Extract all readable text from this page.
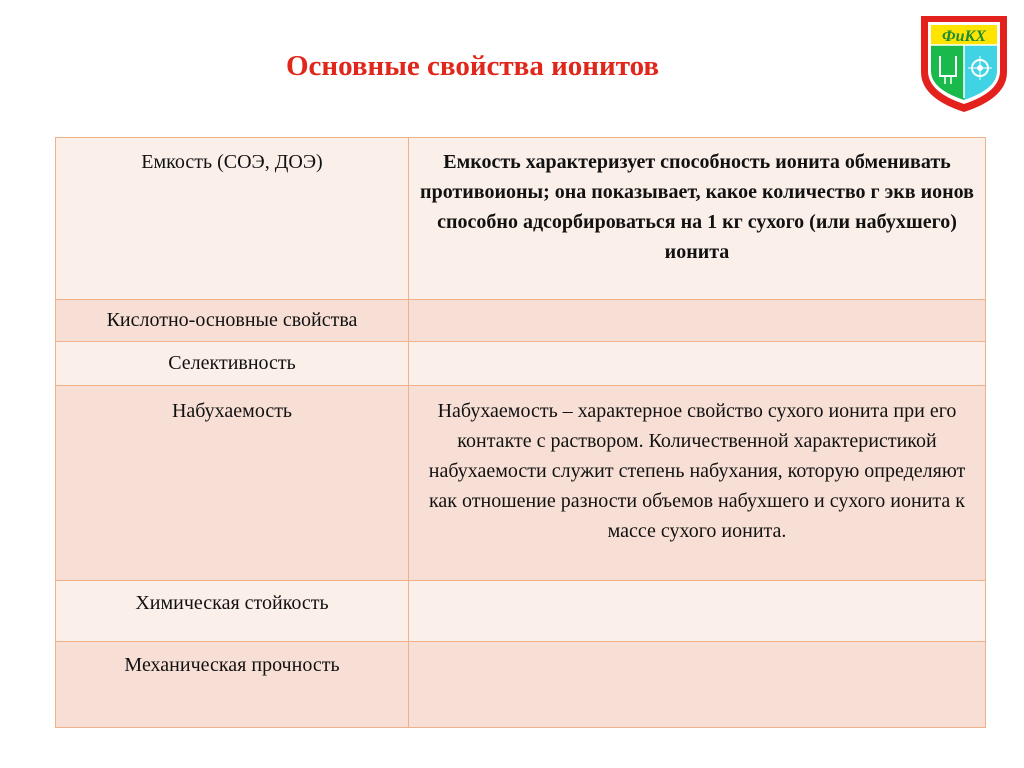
Основные свойства ионитов
ФиКХ
Емкость (СОЭ, ДОЭ)	Емкость характеризует способность ионита обменивать противоионы; она показывает, какое количество г экв ионов способно адсорбироваться на 1 кг сухого (или набухшего) ионита
Кислотно-основные свойства	
Селективность	
Набухаемость	Набухаемость – характерное свойство сухого ионита при его контакте с раствором. Количественной характеристикой набухаемости служит степень набухания, которую определяют как отношение разности объемов набухшего и сухого ионита к массе сухого ионита.
Химическая стойкость	
Механическая прочность	
